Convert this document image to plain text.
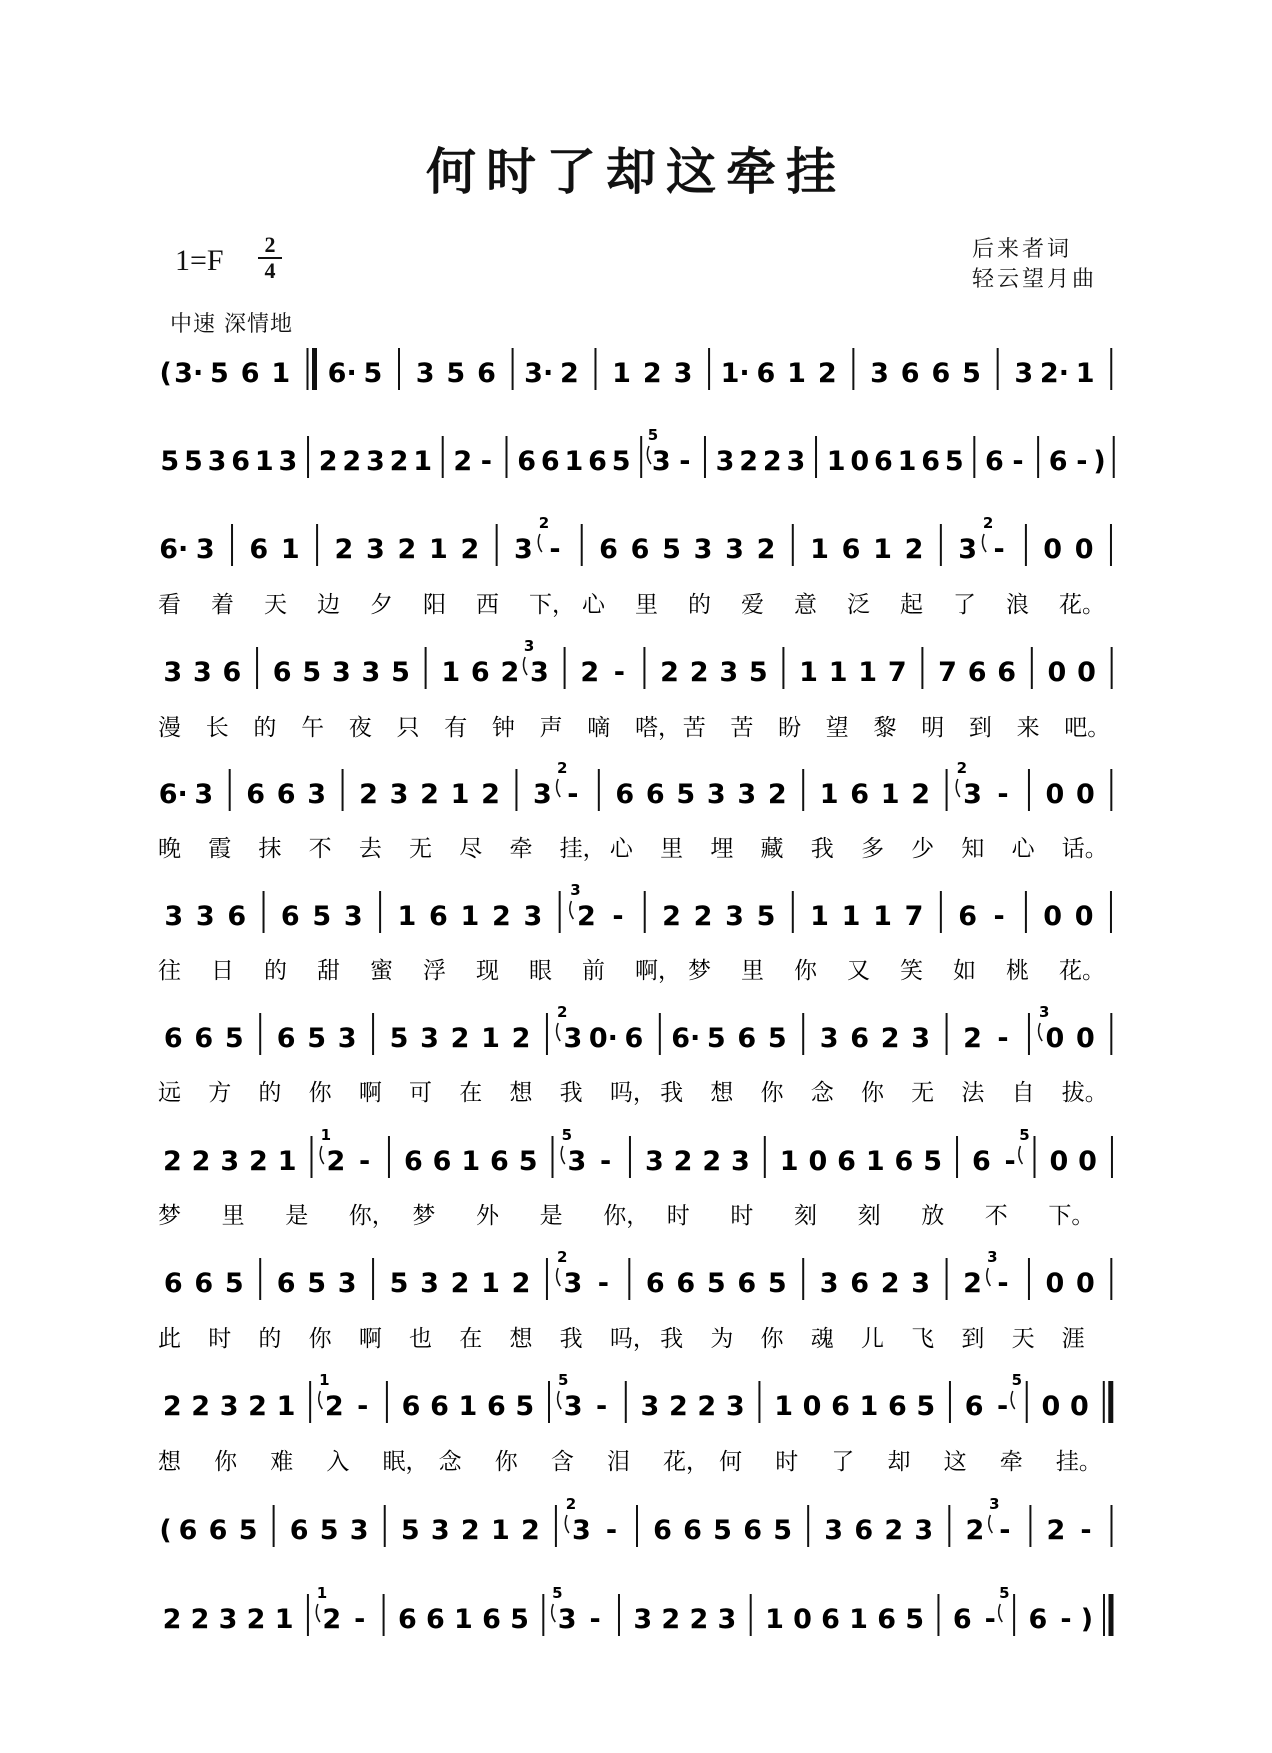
何时了却这牵挂
1=F 2
4
后来者词
轻云望月曲
中速 深情地
( 3· 5 6 1 6· 5 3 5 6 3· 2 1 2 3 1· 6 1 2 3 6 6 5 3 2· 1
5 5 3 6 1 3 2 2 3 2 1 2 - 6 6 1 6 5 3 - 3 2 2 3 1 0 6 1 6 5 6 - 6 - )
5
6· 3 6 1 2 3 2 1 2 3 - 6 6 5 3 3 2 1 6 1 2 3 - 0 0
2	2
看 着 天 边 夕 阳 西 下， 心 里 的 爱 意 泛 起 了 浪 花。
3 3 6 6 5 3 3 5 1 6 2 3 2 - 2 2 3 5 1 1 1 7 7 6 6 0 0
3
漫 长 的 午 夜 只 有 钟 声 嘀 嗒， 苦 苦 盼 望 黎 明 到 来 吧。
6· 3 6 6 3 2 3 2 1 2 3 - 6 6 5 3 3 2 1 6 1 2 3 - 0 0
2	2
晚 霞 抹 不 去 无 尽 牵 挂， 心 里 埋 藏 我 多 少 知 心 话。
3 3 6 6 5 3 1 6 1 2 3 2 - 2 2 3 5 1 1 1 7 6 - 0 0
3
往 日 的 甜 蜜 浮 现 眼 前 啊， 梦 里 你 又 笑 如 桃 花。
6 6 5 6 5 3 5 3 2 1 2 3 0· 6 6· 5 6 5 3 6 2 3 2 - 0 0
2	3
远 方 的 你 啊 可 在 想 我 吗， 我 想 你 念 你 无 法 自 拔。
2 2 3 2 1 2 - 6 6 1 6 5 3 - 3 2 2 3 1 0 6 1 6 5 6 - 0 0
1	5	5
梦 里 是 你， 梦 外 是 你， 时 时 刻 刻 放 不 下。
6 6 5 6 5 3 5 3 2 1 2 3 - 6 6 5 6 5 3 6 2 3 2 - 0 0
2	3
此 时 的 你 啊 也 在 想 我 吗， 我 为 你 魂 儿 飞 到 天 涯
2 2 3 2 1 2 - 6 6 1 6 5 3 - 3 2 2 3 1 0 6 1 6 5 6 - 0 0
1	5	5
想 你 难 入 眠， 念 你 含 泪 花， 何 时 了 却 这 牵 挂。
( 6 6 5 6 5 3 5 3 2 1 2 3 - 6 6 5 6 5 3 6 2 3 2 - 2 -
2	3
2 2 3 2 1 2 - 6 6 1 6 5 3 - 3 2 2 3 1 0 6 1 6 5 6 - 6 - )
1	5	5
